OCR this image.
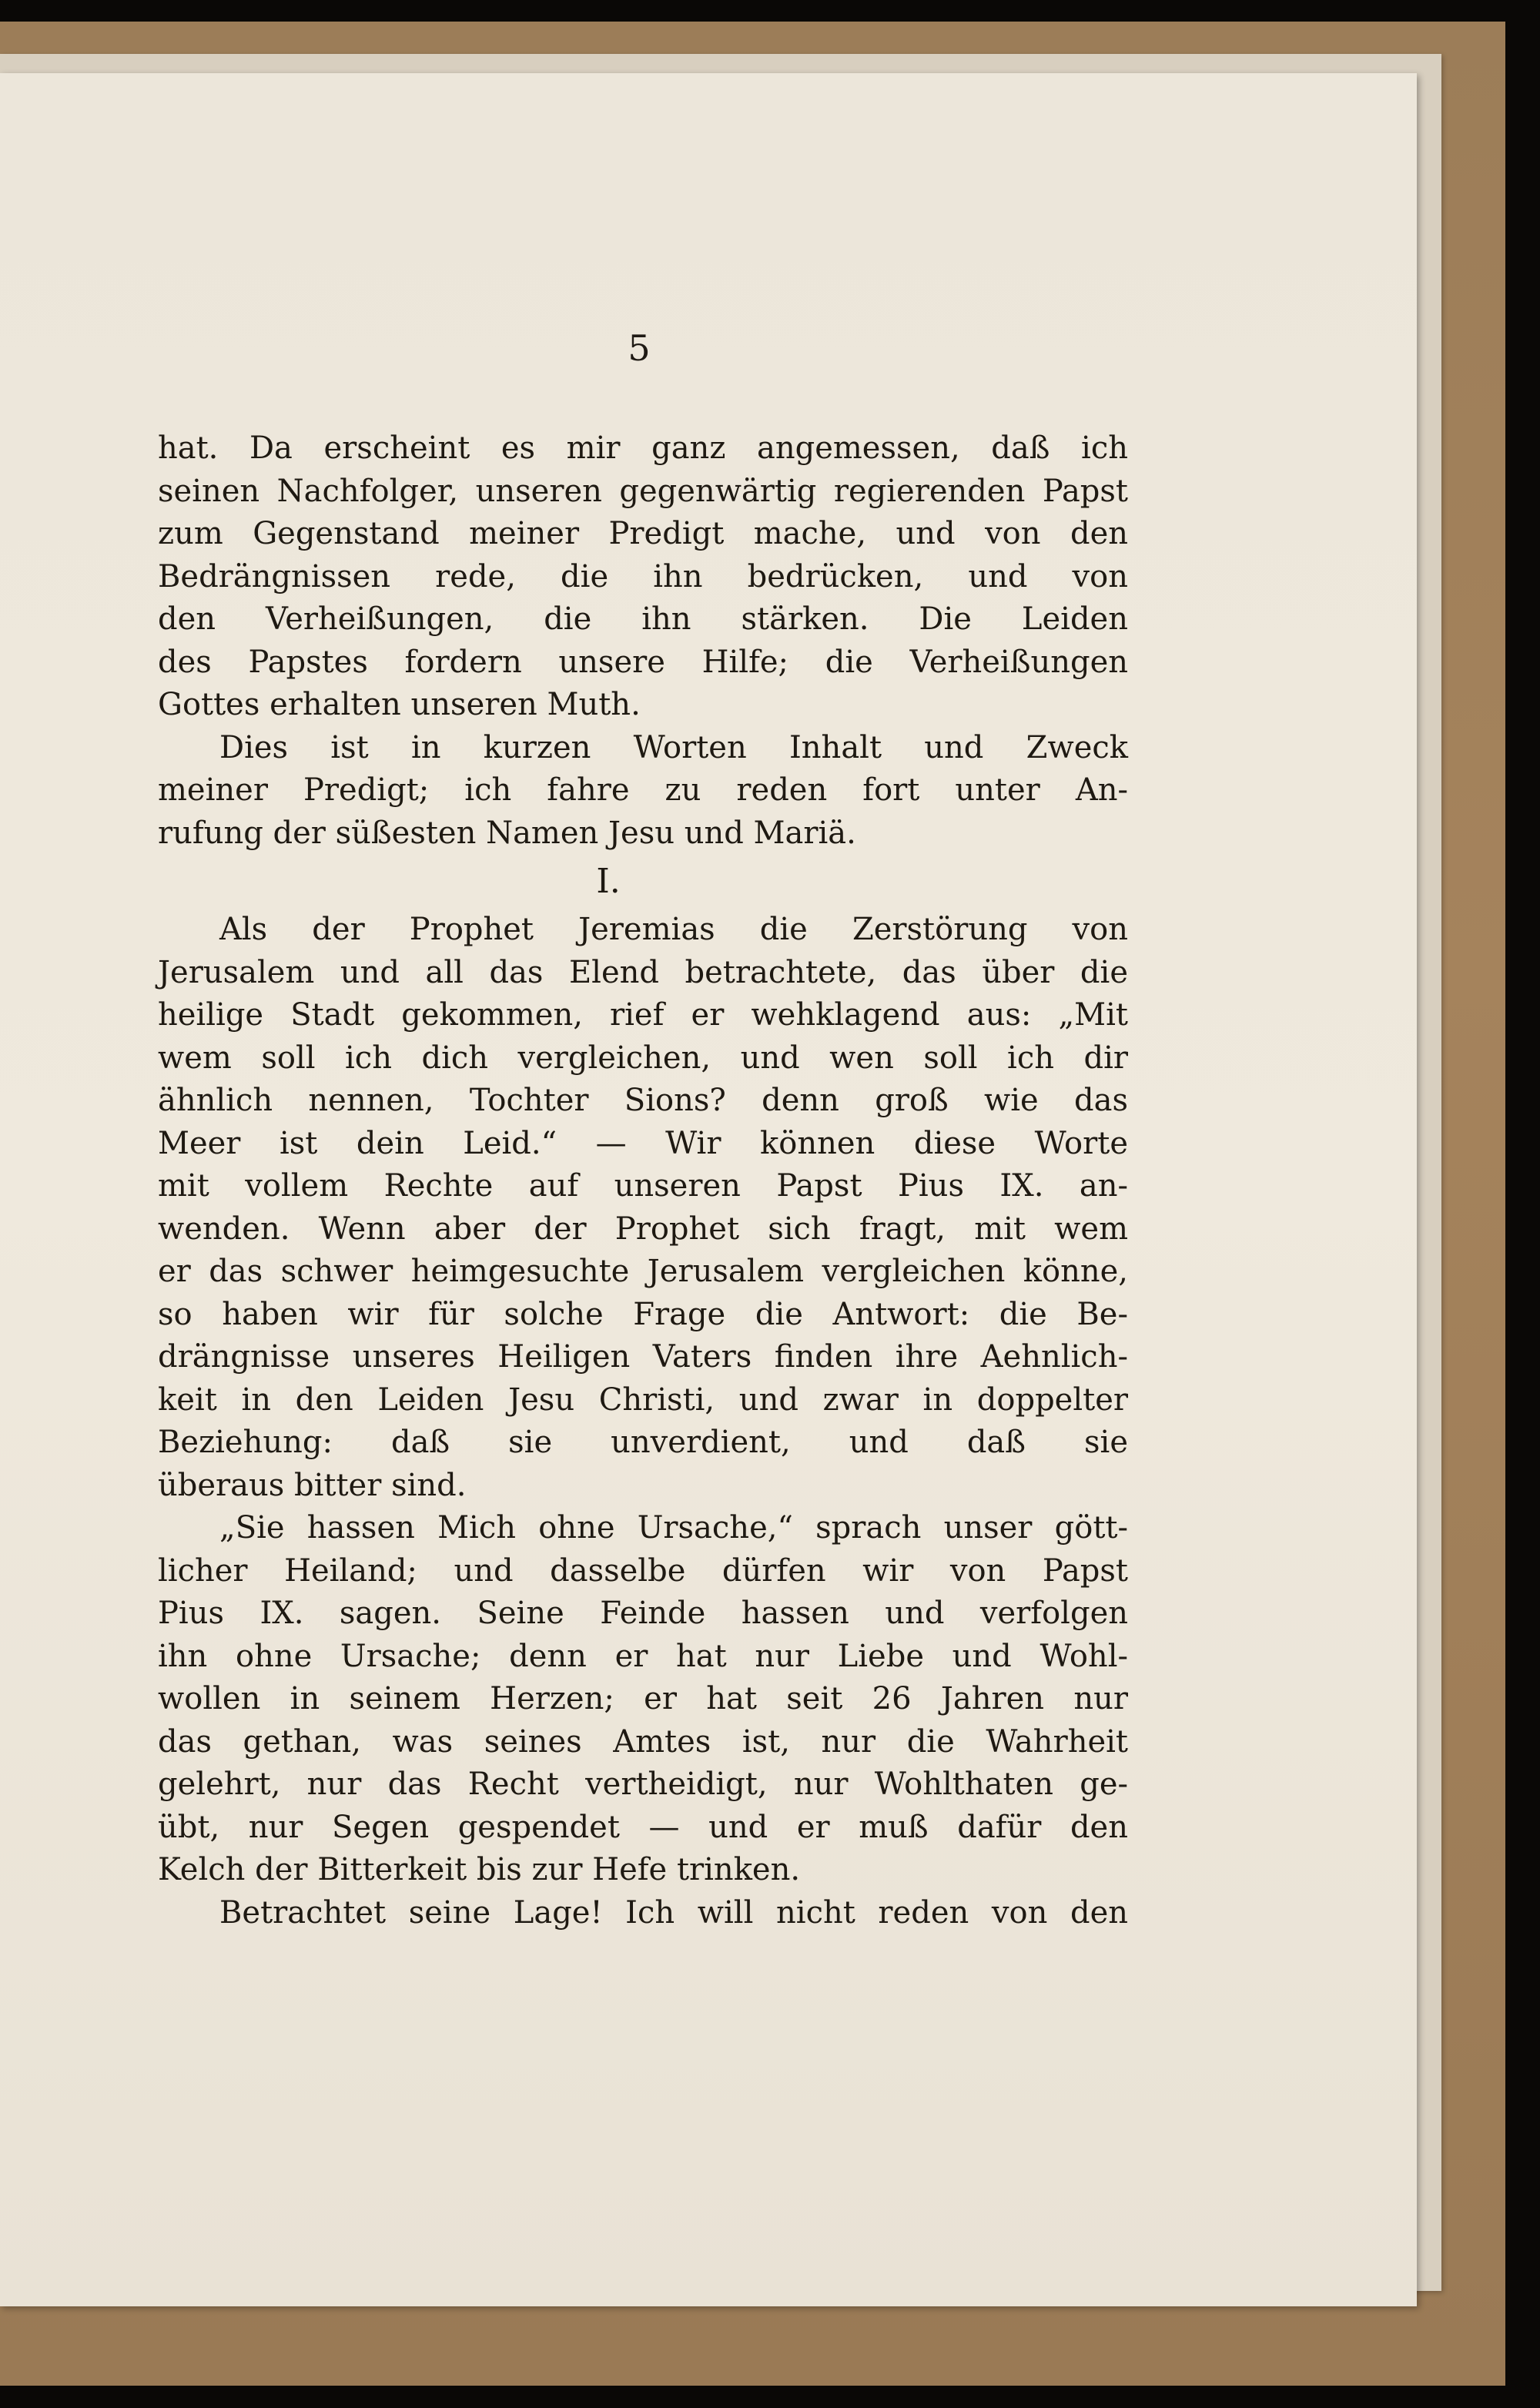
5
hat. Da erscheint es mir ganz angemessen, daß ich
seinen Nachfolger, unseren gegenwärtig regierenden Papst
zum Gegenstand meiner Predigt mache, und von den
Bedrängnissen rede, die ihn bedrücken, und von
den Verheißungen, die ihn stärken. Die Leiden
des Papstes fordern unsere Hilfe; die Verheißungen
Gottes erhalten unseren Muth.
Dies ist in kurzen Worten Inhalt und Zweck
meiner Predigt; ich fahre zu reden fort unter An-
rufung der süßesten Namen Jesu und Mariä.
I.
Als der Prophet Jeremias die Zerstörung von
Jerusalem und all das Elend betrachtete, das über die
heilige Stadt gekommen, rief er wehklagend aus: „Mit
wem soll ich dich vergleichen, und wen soll ich dir
ähnlich nennen, Tochter Sions? denn groß wie das
Meer ist dein Leid.“ — Wir können diese Worte
mit vollem Rechte auf unseren Papst Pius IX. an-
wenden. Wenn aber der Prophet sich fragt, mit wem
er das schwer heimgesuchte Jerusalem vergleichen könne,
so haben wir für solche Frage die Antwort: die Be-
drängnisse unseres Heiligen Vaters finden ihre Aehnlich-
keit in den Leiden Jesu Christi, und zwar in doppelter
Beziehung: daß sie unverdient, und daß sie
überaus bitter sind.
„Sie hassen Mich ohne Ursache,“ sprach unser gött-
licher Heiland; und dasselbe dürfen wir von Papst
Pius IX. sagen. Seine Feinde hassen und verfolgen
ihn ohne Ursache; denn er hat nur Liebe und Wohl-
wollen in seinem Herzen; er hat seit 26 Jahren nur
das gethan, was seines Amtes ist, nur die Wahrheit
gelehrt, nur das Recht vertheidigt, nur Wohlthaten ge-
übt, nur Segen gespendet — und er muß dafür den
Kelch der Bitterkeit bis zur Hefe trinken.
Betrachtet seine Lage! Ich will nicht reden von den
